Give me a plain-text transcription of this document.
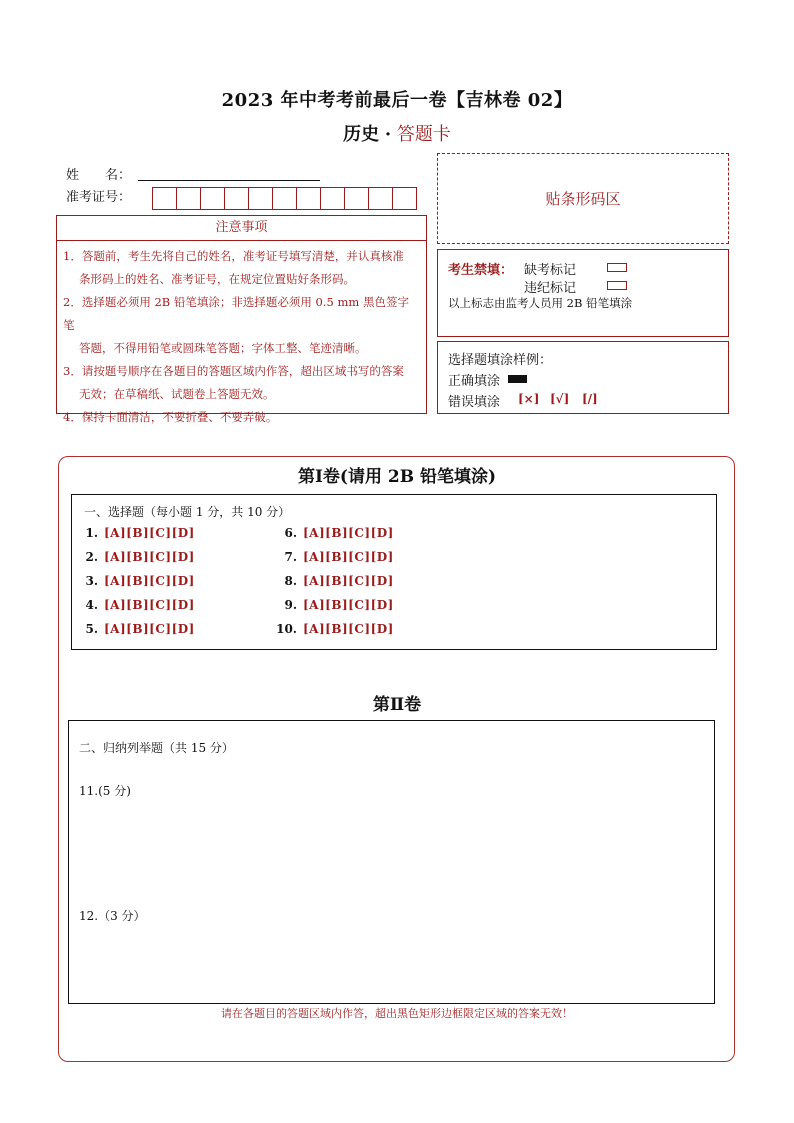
2023 年中考考前最后一卷【吉林卷 02】
历史 · 答题卡
姓　　名：
准考证号：
注意事项
1．答题前，考生先将自己的姓名，准考证号填写清楚，并认真核准
条形码上的姓名、准考证号，在规定位置贴好条形码。
2．选择题必须用 2B 铅笔填涂；非选择题必须用 0.5 mm 黑色签字笔
答题，不得用铅笔或圆珠笔答题；字体工整、笔迹清晰。
3．请按题号顺序在各题目的答题区域内作答，超出区域书写的答案
无效；在草稿纸、试题卷上答题无效。
4．保持卡面清洁，不要折叠、不要弄破。
贴条形码区
考生禁填： 缺考标记
违纪标记
以上标志由监考人员用 2B 铅笔填涂
选择题填涂样例：
正确填涂
错误填涂 [×] [√] [/]
第Ⅰ卷(请用 2B 铅笔填涂)
一、选择题（每小题 1 分，共 10 分）
1. [A][B][C][D]
2. [A][B][C][D]
3. [A][B][C][D]
4. [A][B][C][D]
5. [A][B][C][D]
6. [A][B][C][D]
7. [A][B][C][D]
8. [A][B][C][D]
9. [A][B][C][D]
10. [A][B][C][D]
第Ⅱ卷
二、归纳列举题（共 15 分）
11.(5 分)
12.（3 分）
请在各题目的答题区域内作答，超出黑色矩形边框限定区域的答案无效！
